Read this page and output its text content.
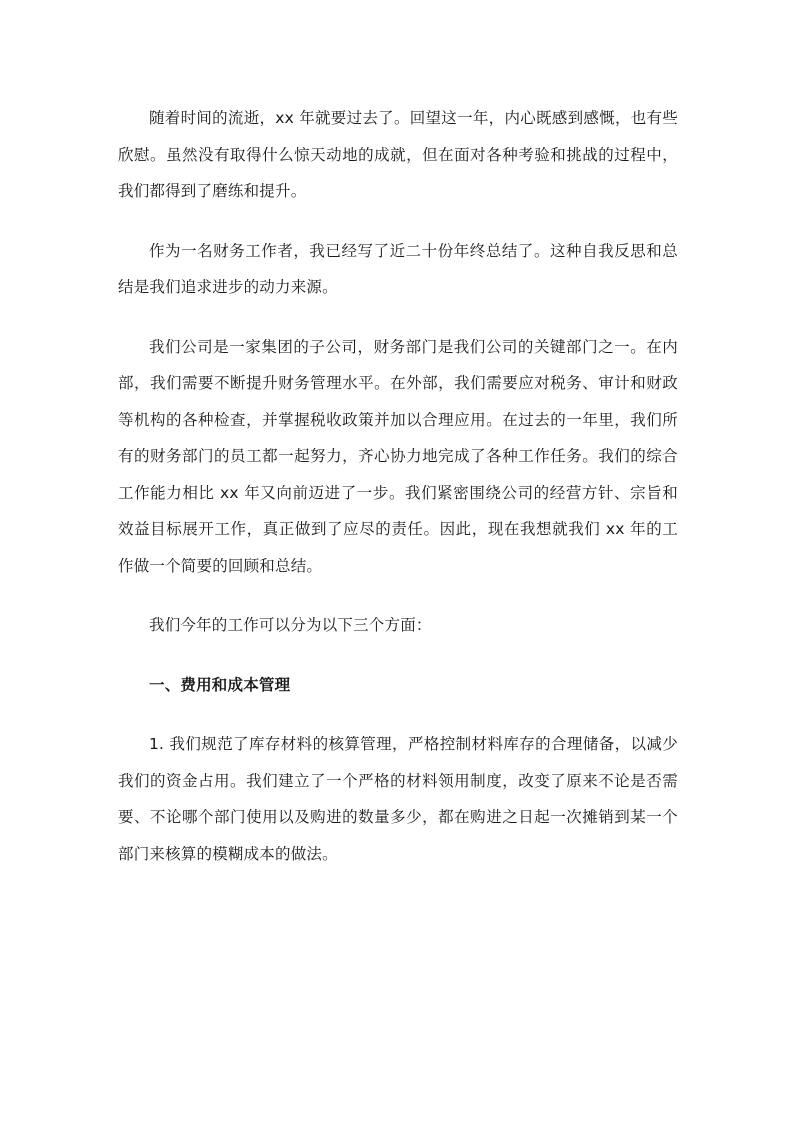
随着时间的流逝，xx 年就要过去了。回望这一年，内心既感到感慨，也有些欣慰。虽然没有取得什么惊天动地的成就，但在面对各种考验和挑战的过程中，我们都得到了磨练和提升。

作为一名财务工作者，我已经写了近二十份年终总结了。这种自我反思和总结是我们追求进步的动力来源。

我们公司是一家集团的子公司，财务部门是我们公司的关键部门之一。在内部，我们需要不断提升财务管理水平。在外部，我们需要应对税务、审计和财政等机构的各种检查，并掌握税收政策并加以合理应用。在过去的一年里，我们所有的财务部门的员工都一起努力，齐心协力地完成了各种工作任务。我们的综合工作能力相比 xx 年又向前迈进了一步。我们紧密围绕公司的经营方针、宗旨和效益目标展开工作，真正做到了应尽的责任。因此，现在我想就我们 xx 年的工作做一个简要的回顾和总结。

我们今年的工作可以分为以下三个方面：

一、费用和成本管理

1. 我们规范了库存材料的核算管理，严格控制材料库存的合理储备，以减少我们的资金占用。我们建立了一个严格的材料领用制度，改变了原来不论是否需要、不论哪个部门使用以及购进的数量多少，都在购进之日起一次摊销到某一个部门来核算的模糊成本的做法。
